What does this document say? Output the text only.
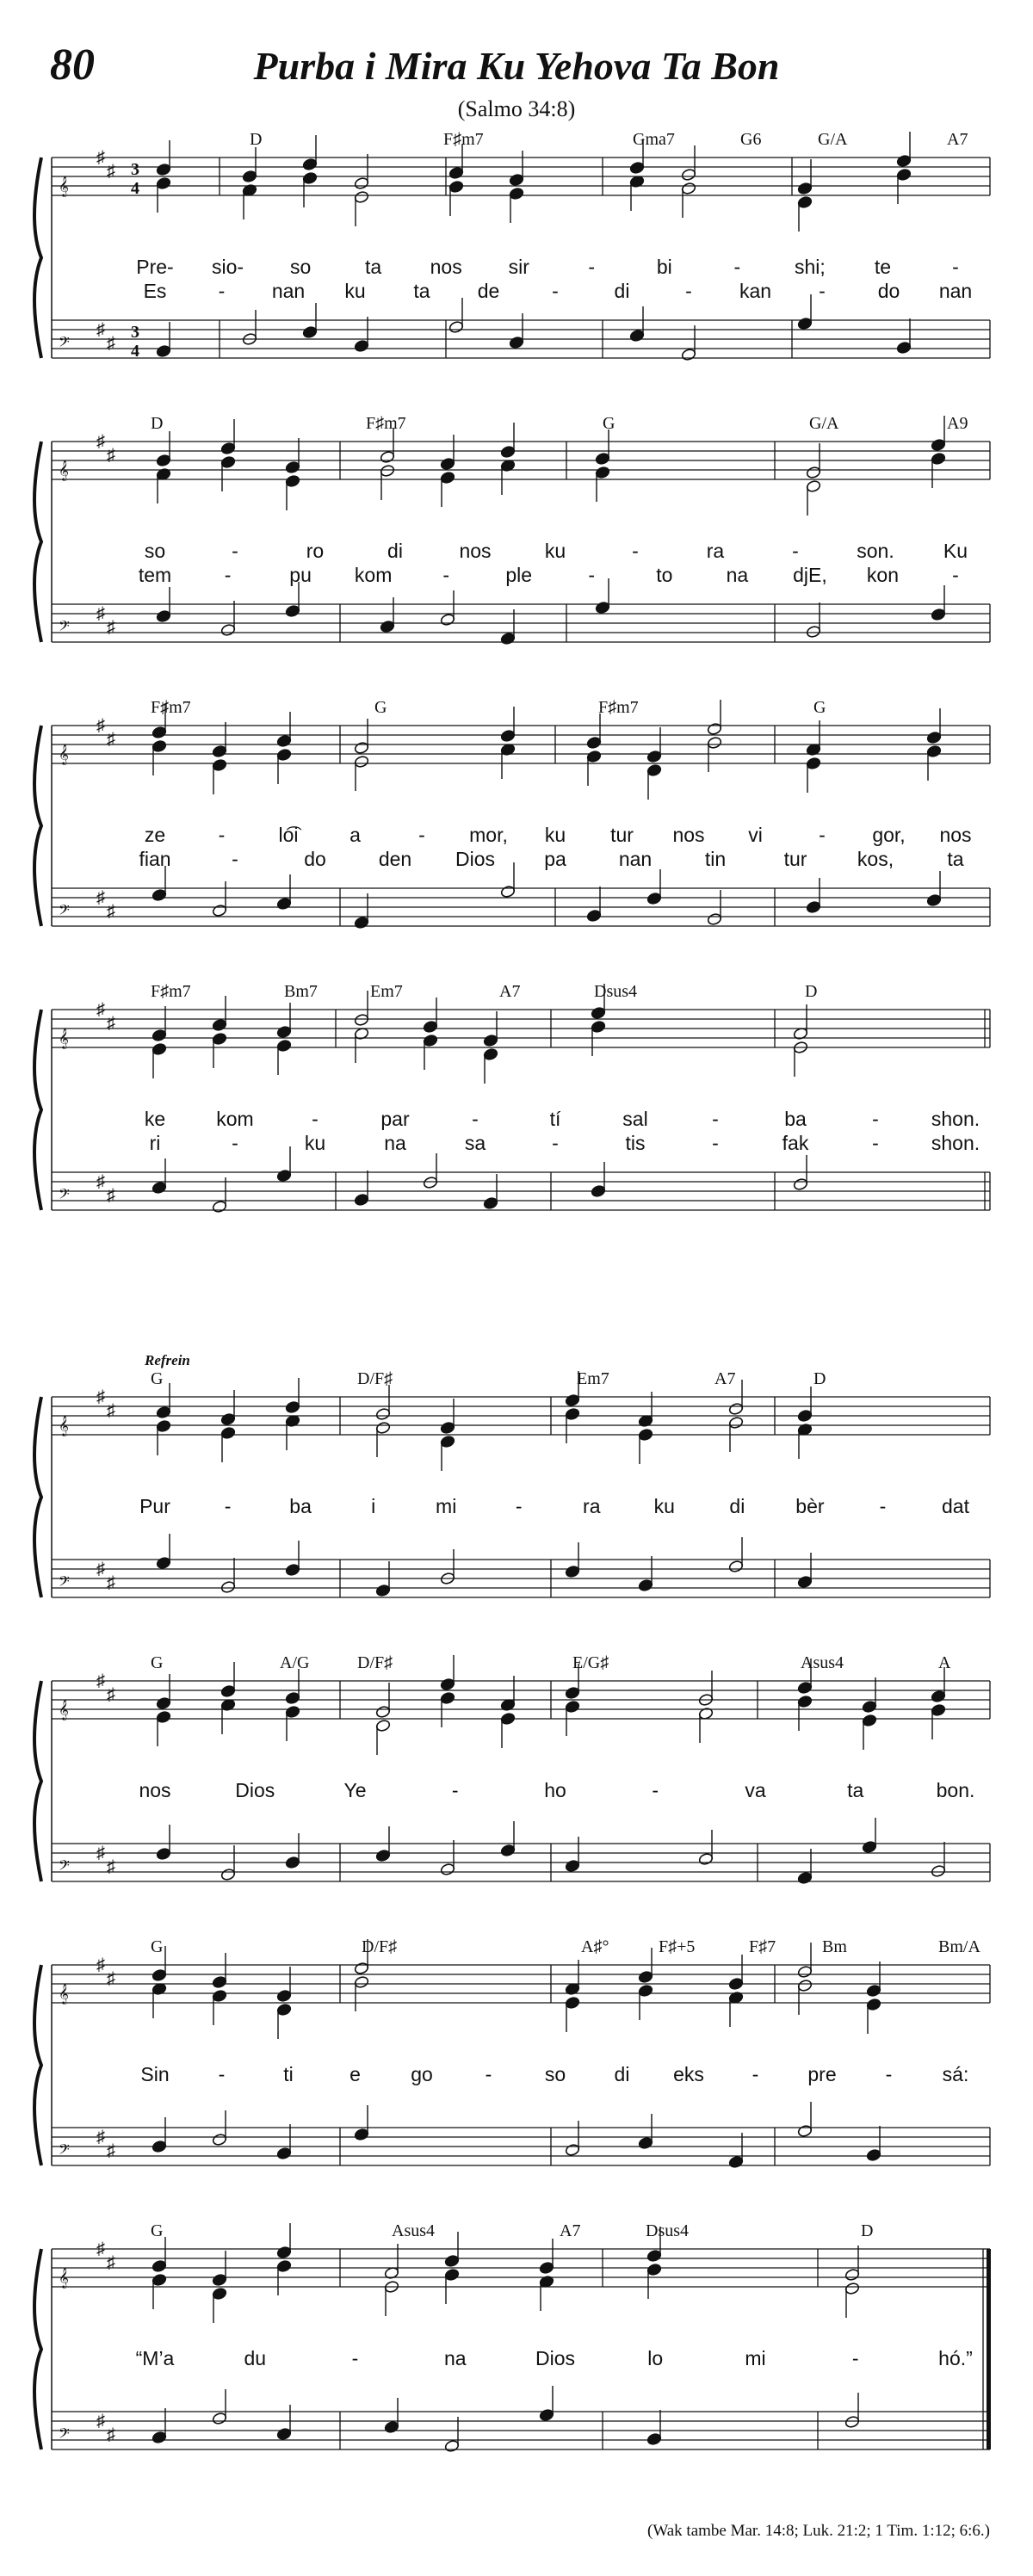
80	Purba i Mira Ku Yehova Ta Bon
(Salmo 34:8)
(Wak tambe Mar. 14:8; Luk. 21:2; 1 Tim. 1:12; 6:6.)
𝄞
𝄢
♯
♯
♯
♯
3
4
3
4
D	F♯m7	Gma7	G6	G/A	A7
Pre- sio- so	ta nos sir	-	bi	-	shi; te	-
Es	- nan ku ta de	-	di	- kan -	do nan
𝄞
𝄢
♯
♯
♯
♯
D	F♯m7	G	G/A	A9
so	-	ro	di	nos	ku	-	ra	-	son. Ku
tem	-	pu kom	-	ple	-	to	na djE, kon	-
𝄞
𝄢
♯
♯
♯
♯
F♯m7	G	F♯m7	G
ze	-	lo͡i	a	- mor, ku tur nos vi	- gor, nos
fian	-	do	den Dios pa	nan	tin	tur	kos,	ta
𝄞
𝄢
♯
♯
♯
♯
F♯m7	Bm7	Em7	A7	Dsus4	D
ke	kom	-	par	-	tí	sal	-	ba	-	shon.
ri	-	ku	na	sa	-	tis	-	fak	-	shon.
𝄞
𝄢
♯
♯
♯
♯
G	D/F♯	Em7	A7	D
Refrein
Pur	-	ba	i	mi	-	ra	ku	di	bèr	-	dat
𝄞
𝄢
♯
♯
♯
♯
G	A/G	D/F♯	E/G♯	Asus4	A
nos	Dios	Ye	-	ho	-	va	ta	bon.
𝄞
𝄢
♯
♯
♯
♯
G	D/F♯	A♯°	F♯+5	F♯7	Bm	Bm/A
Sin -	ti	e	go	-	so di eks - pre -	sá:
𝄞
𝄢
♯
♯
♯
♯
G	Asus4	A7	Dsus4	D
“M’a	du	-	na	Dios	lo	mi	-	hó.”
